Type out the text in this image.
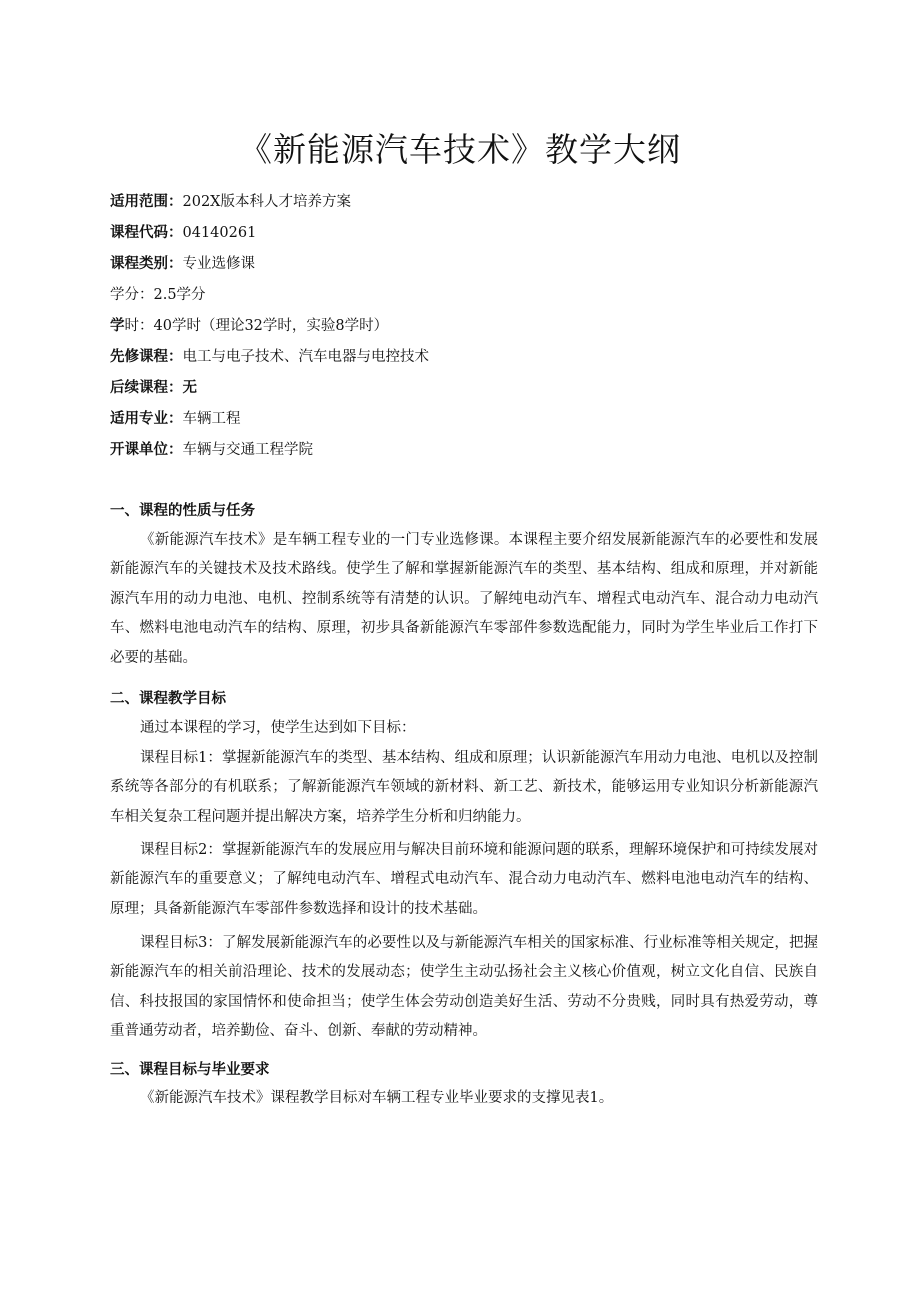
《新能源汽车技术》教学大纲
适用范围：202X版本科人才培养方案
课程代码：04140261
课程类别：专业选修课
学分：2.5学分
学时：40学时（理论32学时，实验8学时）
先修课程：电工与电子技术、汽车电器与电控技术
后续课程：无
适用专业：车辆工程
开课单位：车辆与交通工程学院
一、课程的性质与任务

《新能源汽车技术》是车辆工程专业的一门专业选修课。本课程主要介绍发展新能源汽车的必要性和发展新能源汽车的关键技术及技术路线。使学生了解和掌握新能源汽车的类型、基本结构、组成和原理，并对新能源汽车用的动力电池、电机、控制系统等有清楚的认识。了解纯电动汽车、增程式电动汽车、混合动力电动汽车、燃料电池电动汽车的结构、原理，初步具备新能源汽车零部件参数选配能力，同时为学生毕业后工作打下必要的基础。

二、课程教学目标

通过本课程的学习，使学生达到如下目标：

课程目标1：掌握新能源汽车的类型、基本结构、组成和原理；认识新能源汽车用动力电池、电机以及控制系统等各部分的有机联系；了解新能源汽车领域的新材料、新工艺、新技术，能够运用专业知识分析新能源汽车相关复杂工程问题并提出解决方案，培养学生分析和归纳能力。

课程目标2：掌握新能源汽车的发展应用与解决目前环境和能源问题的联系，理解环境保护和可持续发展对新能源汽车的重要意义；了解纯电动汽车、增程式电动汽车、混合动力电动汽车、燃料电池电动汽车的结构、原理；具备新能源汽车零部件参数选择和设计的技术基础。

课程目标3：了解发展新能源汽车的必要性以及与新能源汽车相关的国家标准、行业标准等相关规定，把握新能源汽车的相关前沿理论、技术的发展动态；使学生主动弘扬社会主义核心价值观，树立文化自信、民族自信、科技报国的家国情怀和使命担当；使学生体会劳动创造美好生活、劳动不分贵贱，同时具有热爱劳动，尊重普通劳动者，培养勤俭、奋斗、创新、奉献的劳动精神。

三、课程目标与毕业要求

《新能源汽车技术》课程教学目标对车辆工程专业毕业要求的支撑见表1。
